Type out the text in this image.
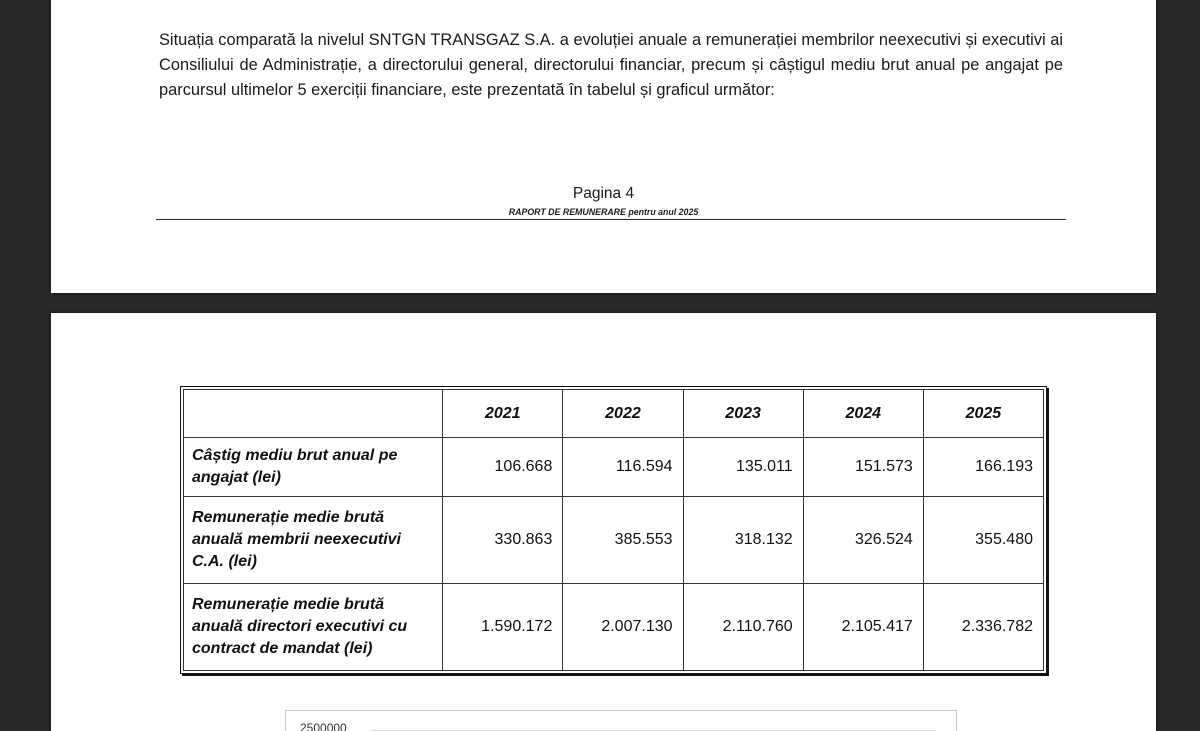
Situația comparată la nivelul SNTGN TRANSGAZ S.A. a evoluției anuale a remunerației membrilor neexecutivi și executivi ai Consiliului de Administrație, a directorului general, directorului financiar, precum și câștigul mediu brut anual pe angajat pe parcursul ultimelor 5 exerciții financiare, este prezentată în tabelul și graficul următor:
Pagina 4
RAPORT DE REMUNERARE pentru anul 2025
	2021	2022	2023	2024	2025
Câștig mediu brut anual pe angajat (lei)	106.668	116.594	135.011	151.573	166.193
Remunerație medie brută anuală membrii neexecutivi C.A. (lei)	330.863	385.553	318.132	326.524	355.480
Remunerație medie brută anuală directori executivi cu contract de mandat (lei)	1.590.172	2.007.130	2.110.760	2.105.417	2.336.782
2500000
